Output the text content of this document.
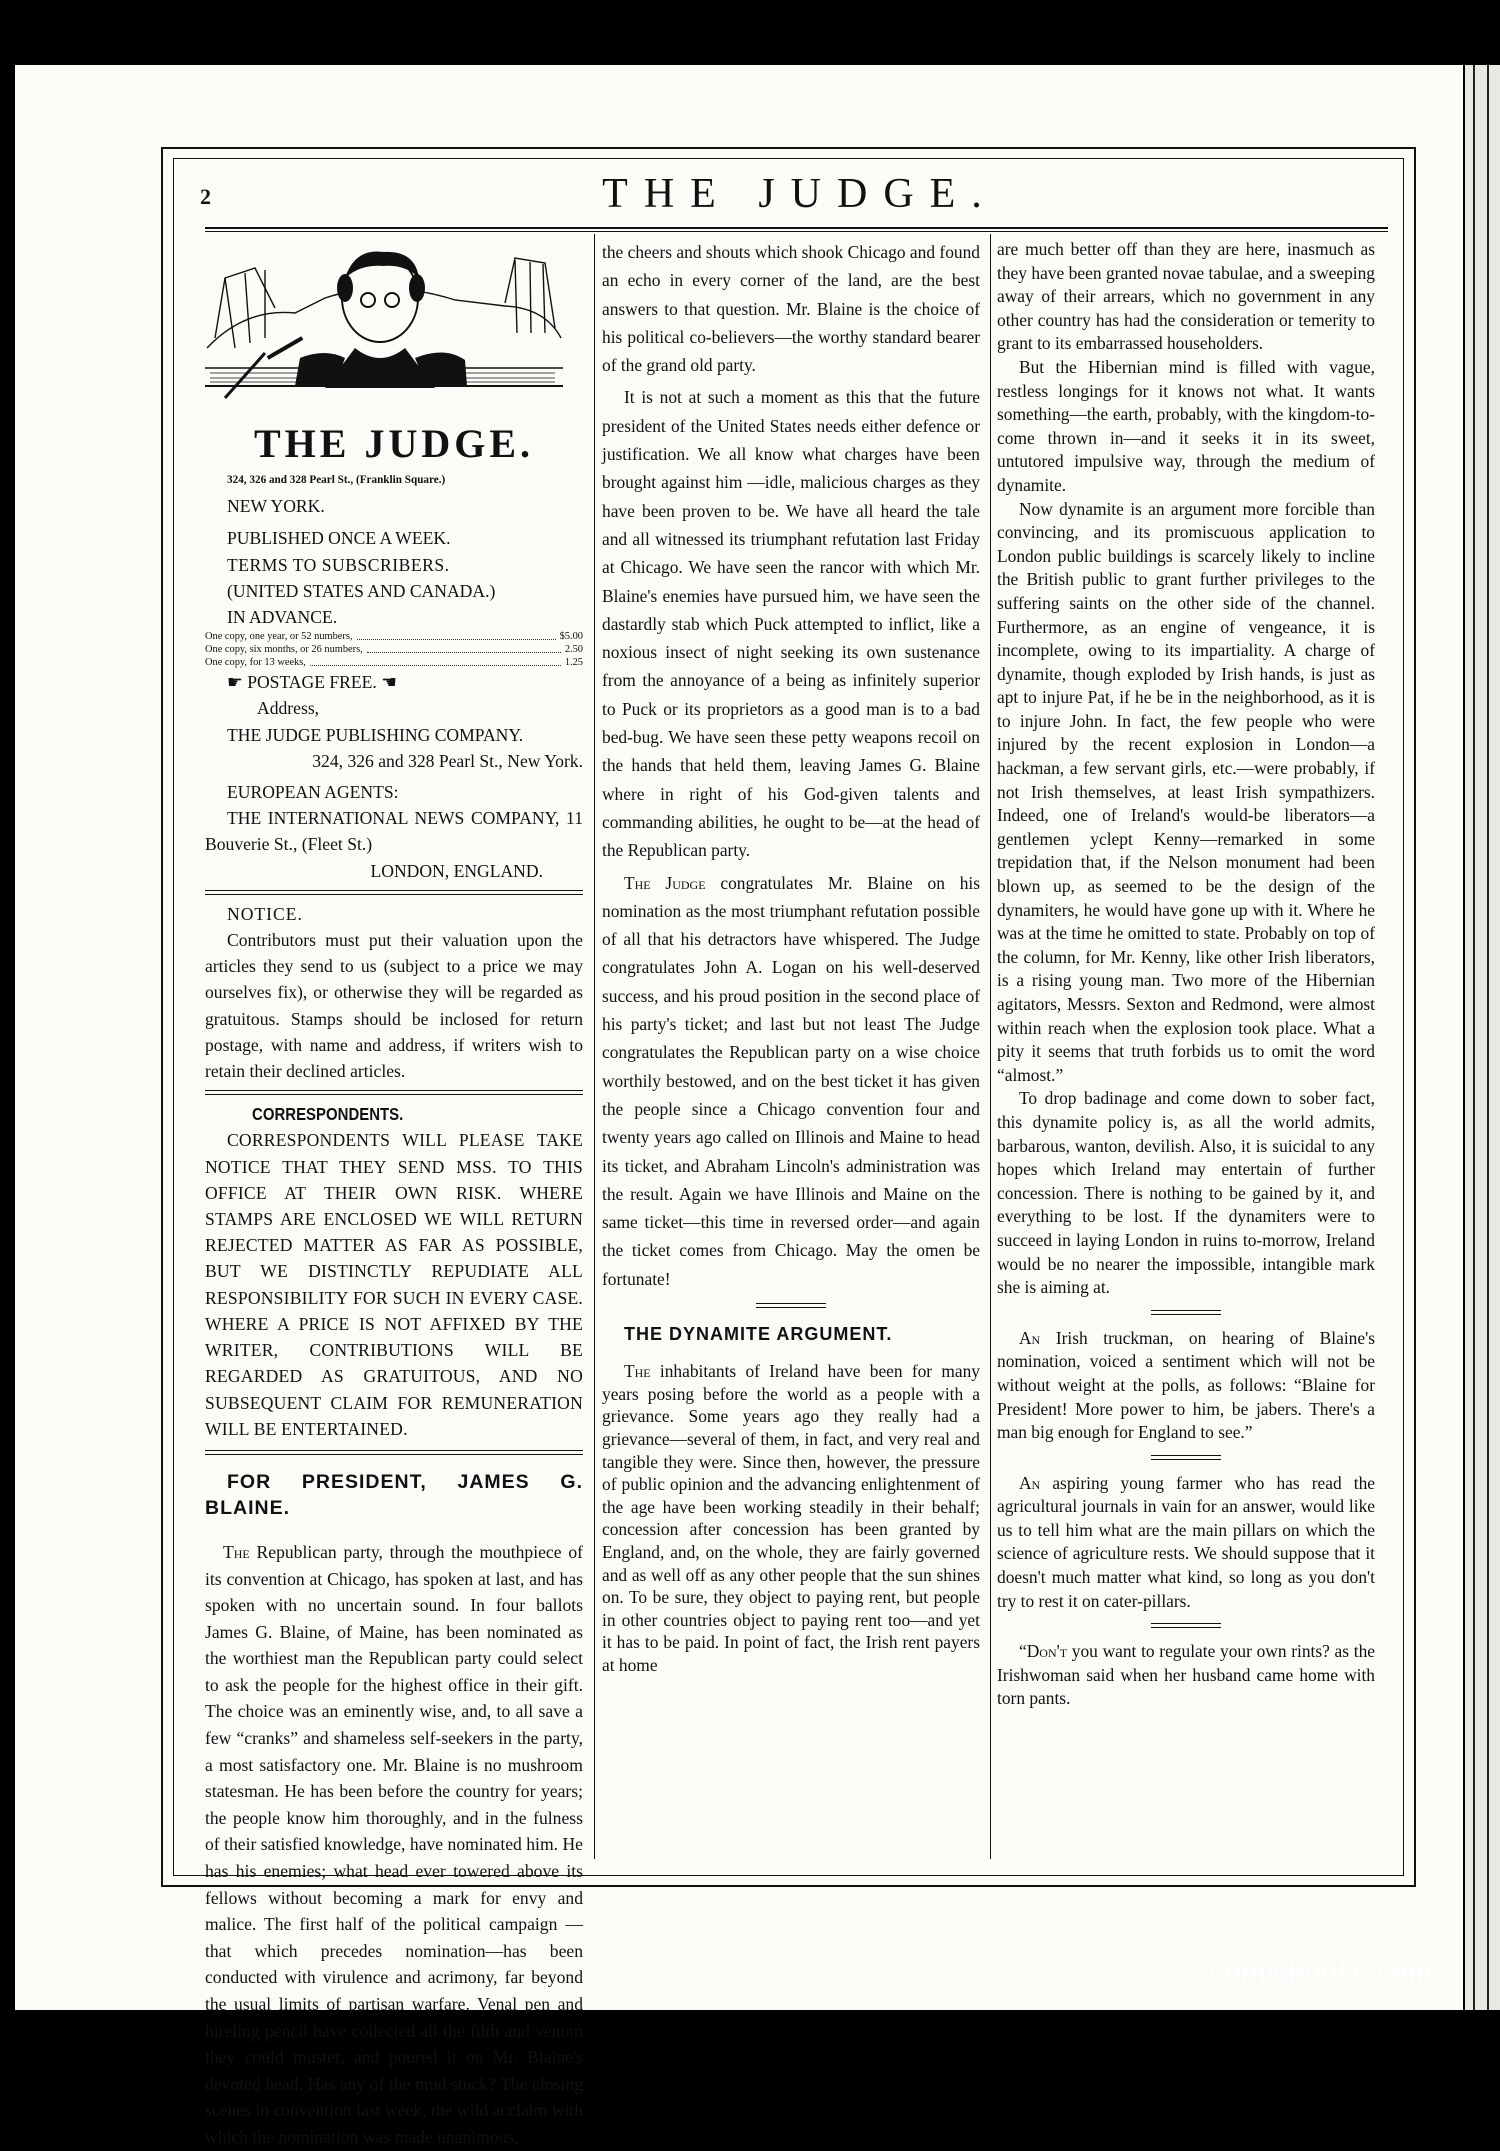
2	THE JUDGE.
THE JUDGE.

324, 326 and 328 Pearl St., (Franklin Square.)

NEW YORK.

PUBLISHED ONCE A WEEK.

TERMS TO SUBSCRIBERS.

(UNITED STATES AND CANADA.)

IN ADVANCE.

One copy, one year, or 52 numbers,	$5.00
One copy, six months, or 26 numbers,	2.50
One copy, for 13 weeks,	1.25

☛ POSTAGE FREE. ☚

Address,

THE JUDGE PUBLISHING COMPANY.

324, 326 and 328 Pearl St., New York.

EUROPEAN AGENTS:

THE INTERNATIONAL NEWS COMPANY, 11 Bouverie St., (Fleet St.)

LONDON, ENGLAND.

NOTICE.

Contributors must put their valuation upon the articles they send to us (subject to a price we may ourselves fix), or otherwise they will be regarded as gratuitous. Stamps should be inclosed for return postage, with name and address, if writers wish to retain their declined articles.

CORRESPONDENTS.

CORRESPONDENTS WILL PLEASE TAKE NOTICE THAT THEY SEND MSS. TO THIS OFFICE AT THEIR OWN RISK. WHERE STAMPS ARE ENCLOSED WE WILL RETURN REJECTED MATTER AS FAR AS POSSIBLE, BUT WE DISTINCTLY REPUDIATE ALL RESPONSIBILITY FOR SUCH IN EVERY CASE. WHERE A PRICE IS NOT AFFIXED BY THE WRITER, CONTRIBUTIONS WILL BE REGARDED AS GRATUITOUS, AND NO SUBSEQUENT CLAIM FOR REMUNERATION WILL BE ENTERTAINED.

FOR PRESIDENT, JAMES G. BLAINE.

The Republican party, through the mouthpiece of its convention at Chicago, has spoken at last, and has spoken with no uncertain sound. In four ballots James G. Blaine, of Maine, has been nominated as the worthiest man the Republican party could select to ask the people for the highest office in their gift. The choice was an eminently wise, and, to all save a few “cranks” and shameless self-seekers in the party, a most satisfactory one. Mr. Blaine is no mushroom statesman. He has been before the country for years; the people know him thoroughly, and in the fulness of their satisfied knowledge, have nominated him. He has his enemies; what head ever towered above its fellows without becoming a mark for envy and malice. The first half of the political campaign — that which precedes nomination—has been conducted with virulence and acrimony, far beyond the usual limits of partisan warfare. Venal pen and hireling pencil have collected all the filth and venom they could muster, and poured it on Mr. Blaine's devoted head. Has any of the mud stuck? The closing scenes in convention last week, the wild acclaim with which the nomination was made unanimous,

the cheers and shouts which shook Chicago and found an echo in every corner of the land, are the best answers to that question. Mr. Blaine is the choice of his political co-believers—the worthy standard bearer of the grand old party.

It is not at such a moment as this that the future president of the United States needs either defence or justification. We all know what charges have been brought against him —idle, malicious charges as they have been proven to be. We have all heard the tale and all witnessed its triumphant refutation last Friday at Chicago. We have seen the rancor with which Mr. Blaine's enemies have pursued him, we have seen the dastardly stab which Puck attempted to inflict, like a noxious insect of night seeking its own sustenance from the annoyance of a being as infinitely superior to Puck or its proprietors as a good man is to a bad bed-bug. We have seen these petty weapons recoil on the hands that held them, leaving James G. Blaine where in right of his God-given talents and commanding abilities, he ought to be—at the head of the Republican party.

The Judge congratulates Mr. Blaine on his nomination as the most triumphant refutation possible of all that his detractors have whispered. The Judge congratulates John A. Logan on his well-deserved success, and his proud position in the second place of his party's ticket; and last but not least The Judge congratulates the Republican party on a wise choice worthily bestowed, and on the best ticket it has given the people since a Chicago convention four and twenty years ago called on Illinois and Maine to head its ticket, and Abraham Lincoln's administration was the result. Again we have Illinois and Maine on the same ticket—this time in reversed order—and again the ticket comes from Chicago. May the omen be fortunate!

THE DYNAMITE ARGUMENT.

The inhabitants of Ireland have been for many years posing before the world as a people with a grievance. Some years ago they really had a grievance—several of them, in fact, and very real and tangible they were. Since then, however, the pressure of public opinion and the advancing enlightenment of the age have been working steadily in their behalf; concession after concession has been granted by England, and, on the whole, they are fairly governed and as well off as any other people that the sun shines on. To be sure, they object to paying rent, but people in other countries object to paying rent too—and yet it has to be paid. In point of fact, the Irish rent payers at home

are much better off than they are here, inasmuch as they have been granted novae tabulae, and a sweeping away of their arrears, which no government in any other country has had the consideration or temerity to grant to its embarrassed householders.

But the Hibernian mind is filled with vague, restless longings for it knows not what. It wants something—the earth, probably, with the kingdom-to-come thrown in—and it seeks it in its sweet, untutored impulsive way, through the medium of dynamite.

Now dynamite is an argument more forcible than convincing, and its promiscuous application to London public buildings is scarcely likely to incline the British public to grant further privileges to the suffering saints on the other side of the channel. Furthermore, as an engine of vengeance, it is incomplete, owing to its impartiality. A charge of dynamite, though exploded by Irish hands, is just as apt to injure Pat, if he be in the neighborhood, as it is to injure John. In fact, the few people who were injured by the recent explosion in London—a hackman, a few servant girls, etc.—were probably, if not Irish themselves, at least Irish sympathizers. Indeed, one of Ireland's would-be liberators—a gentlemen yclept Kenny—remarked in some trepidation that, if the Nelson monument had been blown up, as seemed to be the design of the dynamiters, he would have gone up with it. Where he was at the time he omitted to state. Probably on top of the column, for Mr. Kenny, like other Irish liberators, is a rising young man. Two more of the Hibernian agitators, Messrs. Sexton and Redmond, were almost within reach when the explosion took place. What a pity it seems that truth forbids us to omit the word “almost.”

To drop badinage and come down to sober fact, this dynamite policy is, as all the world admits, barbarous, wanton, devilish. Also, it is suicidal to any hopes which Ireland may entertain of further concession. There is nothing to be gained by it, and everything to be lost. If the dynamiters were to succeed in laying London in ruins to-morrow, Ireland would be no nearer the impossible, intangible mark she is aiming at.

An Irish truckman, on hearing of Blaine's nomination, voiced a sentiment which will not be without weight at the polls, as follows: “Blaine for President! More power to him, be jabers. There's a man big enough for England to see.”

An aspiring young farmer who has read the agricultural journals in vain for an answer, would like us to tell him what are the main pillars on which the science of agriculture rests. We should suppose that it doesn't much matter what kind, so long as you don't try to rest it on cater-pillars.

“Don't you want to regulate your own rints? as the Irishwoman said when her husband came home with torn pants.

comicbooks.com
